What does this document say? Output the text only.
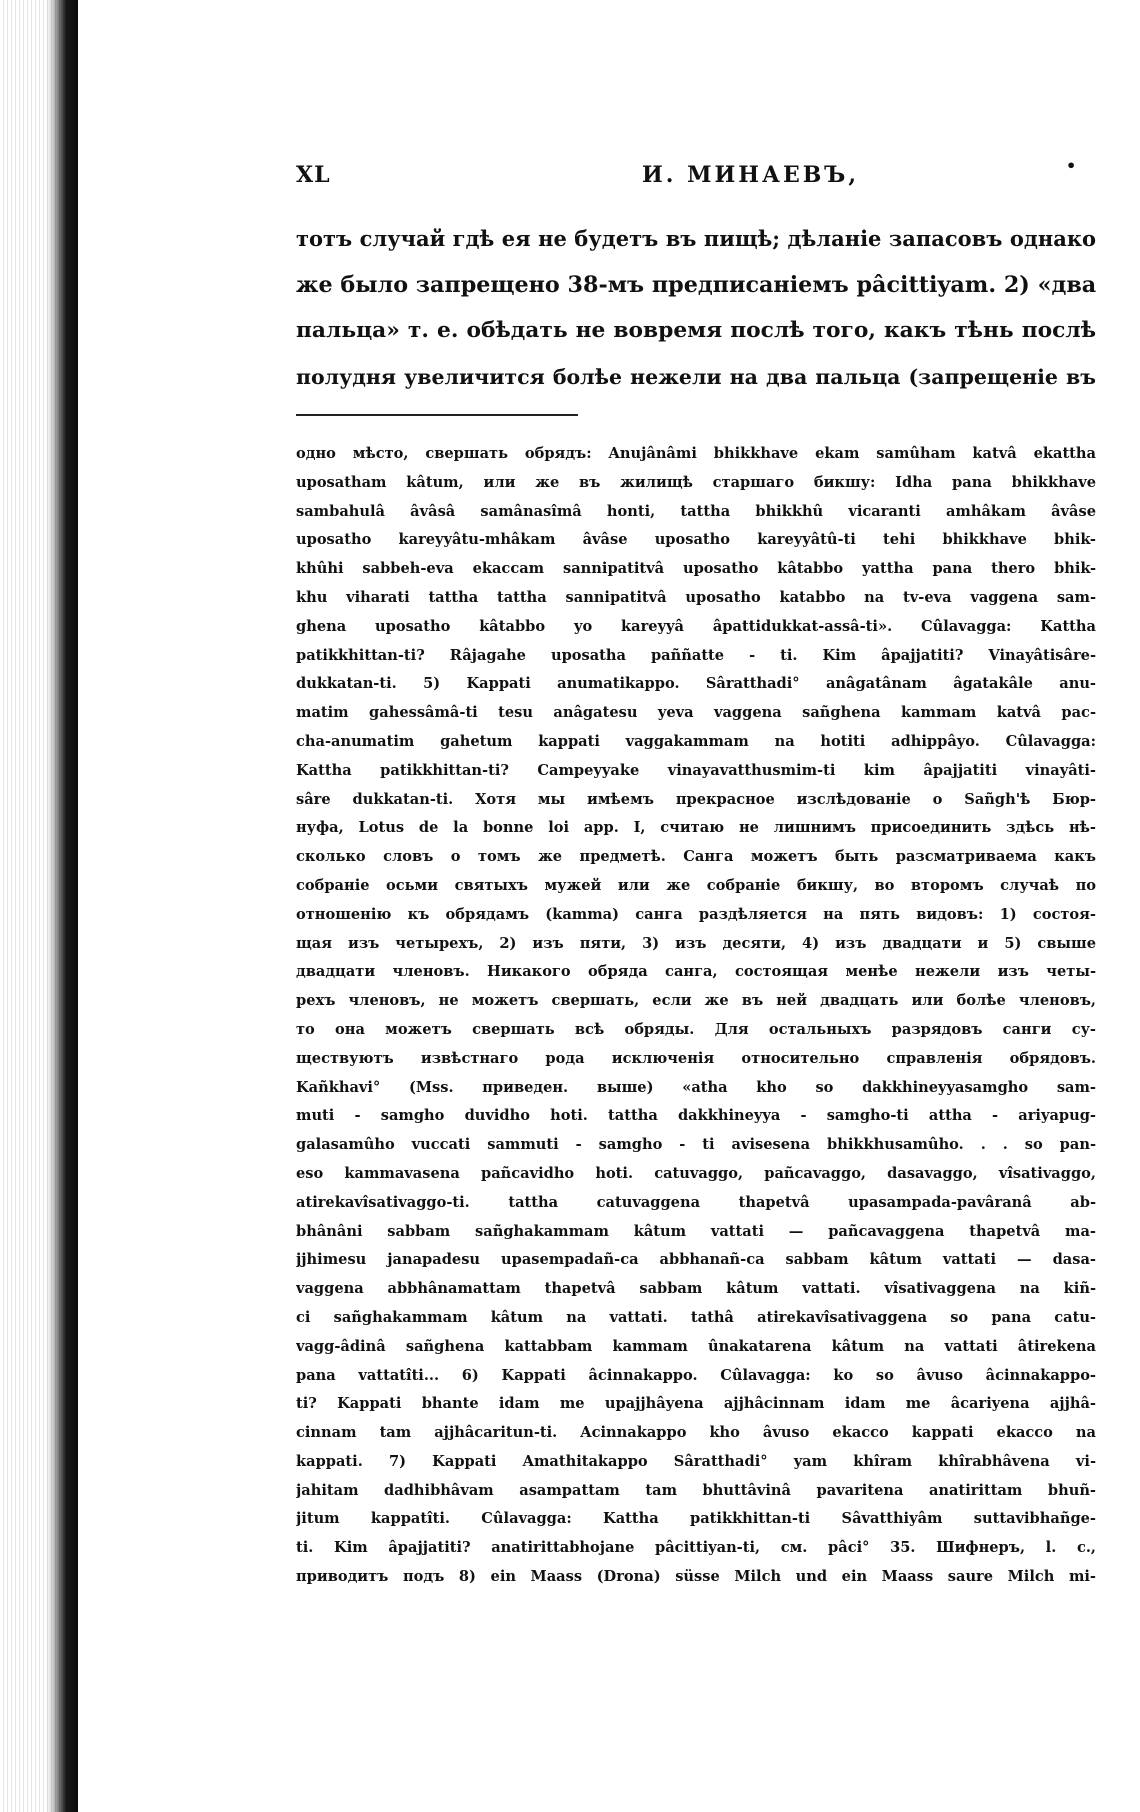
XL	И. МИНАЕВЪ,	•
тотъ случай гдѣ ея не будетъ въ пищѣ; дѣланіе запасовъ однако
же было запрещено 38-мъ предписаніемъ pâcittiyam. 2) «два
пальца» т. е. обѣдать не вовремя послѣ того, какъ тѣнь послѣ
полудня увеличится болѣе нежели на два пальца (запрещеніе въ
одно мѣсто, свершать обрядъ: Anujânâmi bhikkhave ekam samûham katvâ ekattha
uposatham kâtum, или же въ жилищѣ старшаго бикшу: Idha pana bhikkhave
sambahulâ âvâsâ samânasîmâ honti, tattha bhikkhû vicaranti amhâkam âvâse
uposatho kareyyâtu-mhâkam âvâse uposatho kareyyâtû-ti tehi bhikkhave bhik-
khûhi sabbeh-eva ekaccam sannipatitvâ uposatho kâtabbo yattha pana thero bhik-
khu viharati tattha tattha sannipatitvâ uposatho katabbo na tv-eva vaggena sam-
ghena uposatho kâtabbo yo kareyyâ âpattidukkat-assâ-ti». Cûlavagga: Kattha
patikkhittan-ti? Râjagahe uposatha paññatte - ti. Kim âpajjatiti? Vinayâtisâre-
dukkatan-ti. 5) Kappati anumatikappo. Sâratthadi° anâgatânam âgatakâle anu-
matim gahessâmâ-ti tesu anâgatesu yeva vaggena sañghena kammam katvâ pac-
cha-anumatim gahetum kappati vaggakammam na hotiti adhippâyo. Cûlavagga:
Kattha patikkhittan-ti? Campeyyake vinayavatthusmim-ti kim âpajjatiti vinayâti-
sâre dukkatan-ti. Хотя мы имѣемъ прекрасное изслѣдованіе о Sañgh'ѣ Бюр-
нуфа, Lotus de la bonne loi app. I, считаю не лишнимъ присоединить здѣсь нѣ-
сколько словъ о томъ же предметѣ. Санга можетъ быть разсматриваема какъ
собраніе осьми святыхъ мужей или же собраніе бикшу, во второмъ случаѣ по
отношенію къ обрядамъ (kamma) санга раздѣляется на пять видовъ: 1) состоя-
щая изъ четырехъ, 2) изъ пяти, 3) изъ десяти, 4) изъ двадцати и 5) свыше
двадцати членовъ. Никакого обряда санга, состоящая менѣе нежели изъ четы-
рехъ членовъ, не можетъ свершать, если же въ ней двадцать или болѣе членовъ,
то она можетъ свершать всѣ обряды. Для остальныхъ разрядовъ санги су-
ществуютъ извѣстнаго рода исключенія относительно справленія обрядовъ.
Kañkhavi° (Mss. приведен. выше) «atha kho so dakkhineyyasamgho sam-
muti - samgho duvidho hoti. tattha dakkhineyya - samgho-ti attha - ariyapug-
galasamûho vuccati sammuti - samgho - ti avisesena bhikkhusamûho. . . so pan-
eso kammavasena pañcavidho hoti. catuvaggo, pañcavaggo, dasavaggo, vîsativaggo,
atirekavîsativaggo-ti. tattha catuvaggena thapetvâ upasampada-pavâranâ ab-
bhânâni sabbam sañghakammam kâtum vattati — pañcavaggena thapetvâ ma-
jjhimesu janapadesu upasempadañ-ca abbhanañ-ca sabbam kâtum vattati — dasa-
vaggena abbhânamattam thapetvâ sabbam kâtum vattati. vîsativaggena na kiñ-
ci sañghakammam kâtum na vattati. tathâ atirekavîsativaggena so pana catu-
vagg-âdinâ sañghena kattabbam kammam ûnakatarena kâtum na vattati âtirekena
pana vattatîti... 6) Kappati âcinnakappo. Cûlavagga: ko so âvuso âcinnakappo-
ti? Kappati bhante idam me upajjhâyena ajjhâcinnam idam me âcariyena ajjhâ-
cinnam tam ajjhâcaritun-ti. Acinnakappo kho âvuso ekacco kappati ekacco na
kappati. 7) Kappati Amathitakappo Sâratthadi° yam khîram khîrabhâvena vi-
jahitam dadhibhâvam asampattam tam bhuttâvinâ pavaritena anatirittam bhuñ-
jitum kappatîti. Cûlavagga: Kattha patikkhittan-ti Sâvatthiyâm suttavibhañge-
ti. Kim âpajjatiti? anatirittabhojane pâcittiyan-ti, см. pâci° 35. Шифнеръ, l. c.,
приводитъ подъ 8) ein Maass (Drona) süsse Milch und ein Maass saure Milch mi-
